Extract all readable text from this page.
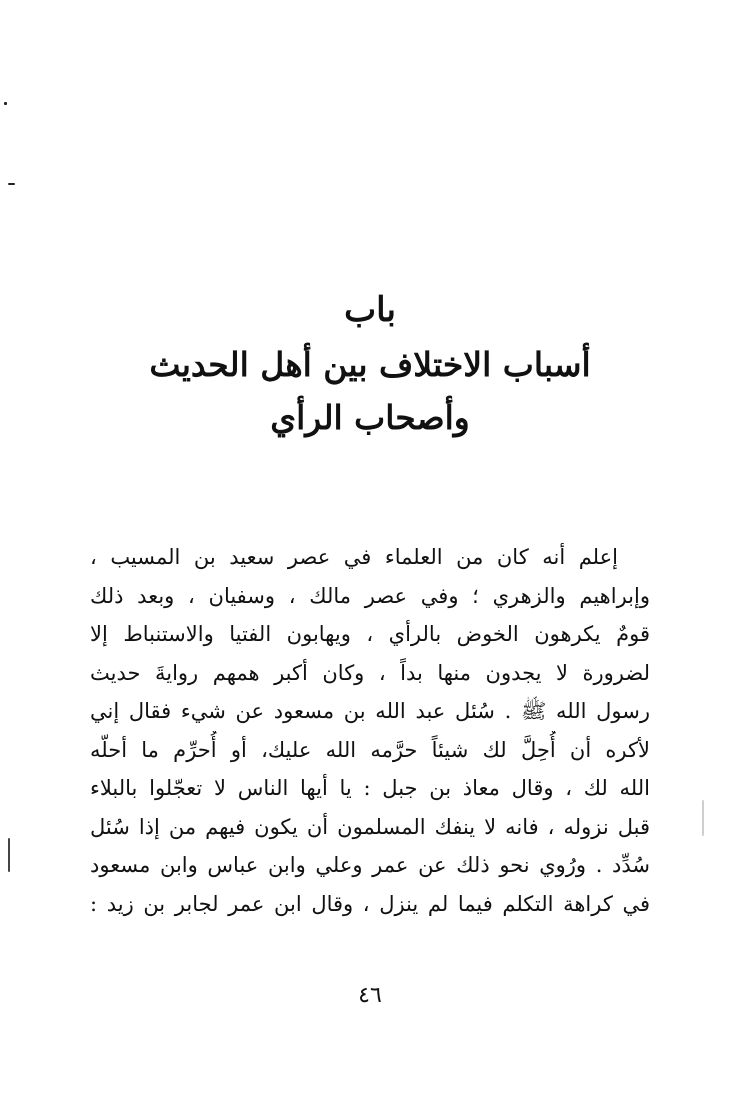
باب
أسباب الاختلاف بين أهل الحديث
وأصحاب الرأي
إعلم أنه كان من العلماء في عصر سعيد بن المسيب ،
وإبراهيم والزهري ؛ وفي عصر مالك ، وسفيان ، وبعد ذلك
قومٌ يكرهون الخوض بالرأي ، ويهابون الفتيا والاستنباط إلا
لضرورة لا يجدون منها بداً ، وكان أكبر همهم روايةَ حديث
رسول الله ﷺ . سُئل عبد الله بن مسعود عن شيء فقال إني
لأكره أن أُحِلَّ لك شيئاً حرَّمه الله عليك، أو أُحرِّم ما أحلّه
الله لك ، وقال معاذ بن جبل : يا أيها الناس لا تعجّلوا بالبلاء
قبل نزوله ، فانه لا ينفك المسلمون أن يكون فيهم من إذا سُئل
سُدِّد . ورُوي نحو ذلك عن عمر وعلي وابن عباس وابن مسعود
في كراهة التكلم فيما لم ينزل ، وقال ابن عمر لجابر بن زيد :
٤٦
